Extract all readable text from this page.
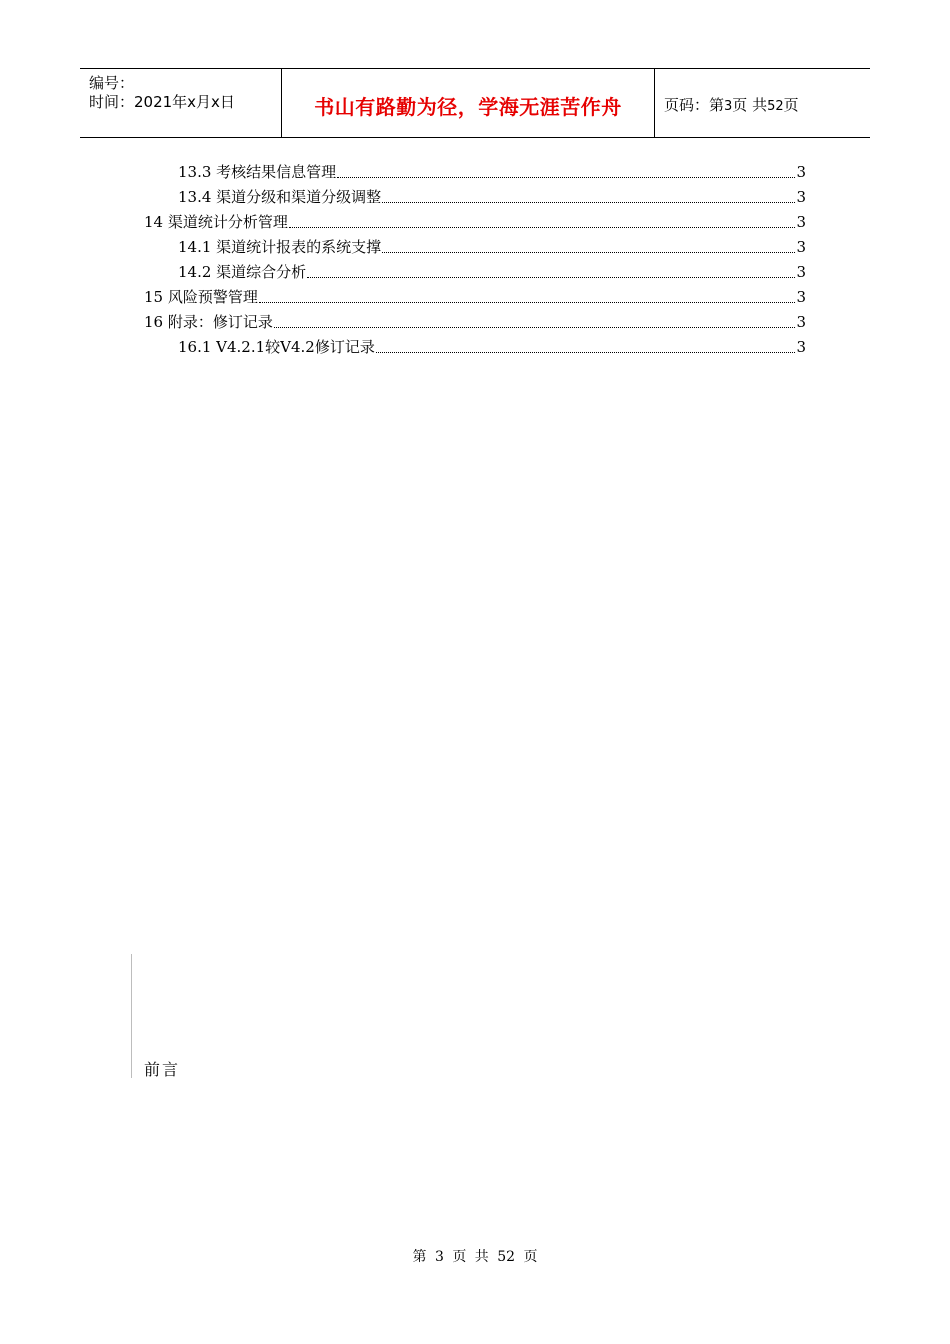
编号：
时间：2021年x月x日	书山有路勤为径，学海无涯苦作舟	页码：第3页 共52页
13.3 考核结果信息管理	3
13.4 渠道分级和渠道分级调整	3
14 渠道统计分析管理	3
14.1 渠道统计报表的系统支撑	3
14.2 渠道综合分析	3
15 风险预警管理	3
16 附录：修订记录	3
16.1 V4.2.1较V4.2修订记录	3
前言
第 3 页 共 52 页
